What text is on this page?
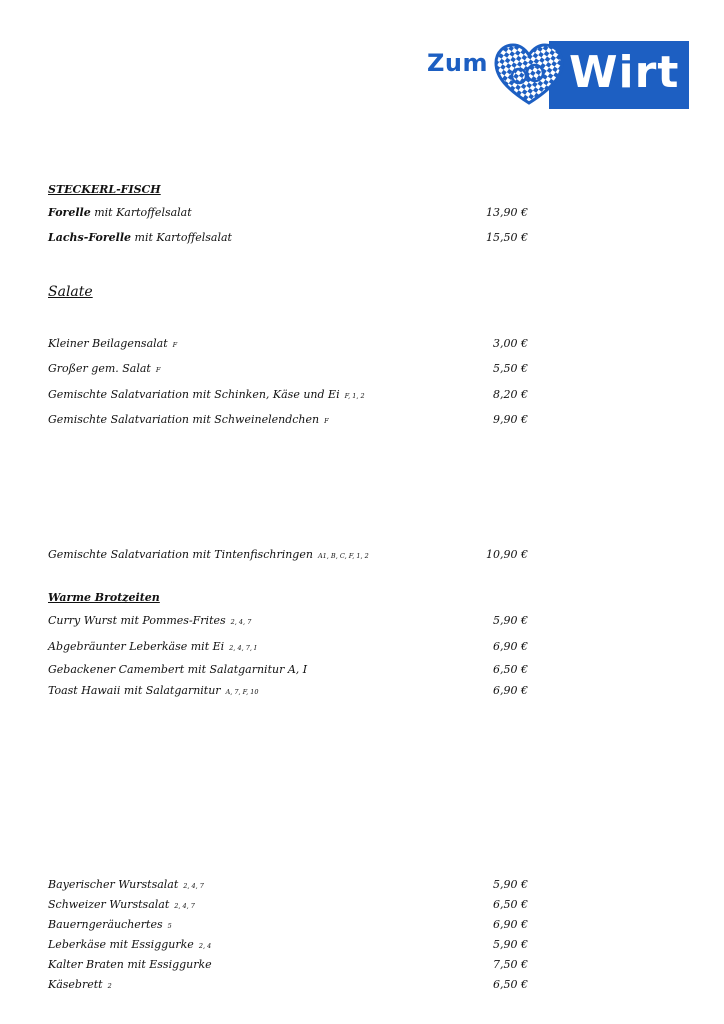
Zum Wirt
STECKERL-FISCH
Forelle mit Kartoffelsalat	13,90 €
Lachs-Forelle mit Kartoffelsalat	15,50 €
Salate
Kleiner Beilagensalat F	3,00 €
Großer gem. Salat F	5,50 €
Gemischte Salatvariation mit Schinken, Käse und Ei F, 1, 2	8,20 €
Gemischte Salatvariation mit Schweinelendchen F	9,90 €
Gemischte Salatvariation mit Tintenfischringen A1, B, C, F, 1, 2	10,90 €
Warme Brotzeiten
Curry Wurst mit Pommes-Frites 2, 4, 7	5,90 €
Abgebräunter Leberkäse mit Ei 2, 4, 7, I	6,90 €
Gebackener Camembert mit Salatgarnitur A, I	6,50 €
Toast Hawaii mit Salatgarnitur A, 7, F, 10	6,90 €
Bayerischer Wurstsalat 2, 4, 7	5,90 €
Schweizer Wurstsalat 2, 4, 7	6,50 €
Bauerngeräuchertes 5	6,90 €
Leberkäse mit Essiggurke 2, 4	5,90 €
Kalter Braten mit Essiggurke	7,50 €
Käsebrett 2	6,50 €
